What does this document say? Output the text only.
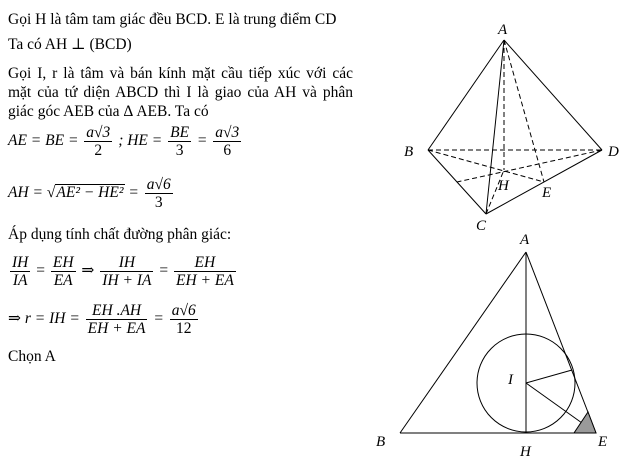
Gọi H là tâm tam giác đều BCD. E là trung điểm CD
Ta có AH ⊥ (BCD)
Gọi I, r là tâm và bán kính mặt cầu tiếp xúc với các mặt của tứ diện ABCD thì I là giao của AH và phân giác góc AEB của Δ AEB. Ta có
AE = BE = $\frac{a√3}{2}$ ; HE = $\frac{BE}{3} = \frac{a√3}{6}$
AH = $√AE^2 - HE^2 = \frac{a√6}{3}$
Áp dụng tính chất đường phân giác:
$\frac{IH}{IA} = \frac{EH}{EA}$ ⇒ $\frac{IH}{IH + IA} = \frac{EH}{EH + EA}$
⇒ r = IH = $\frac{EH .AH}{EH + EA} = \frac{a√6}{12}$
Chọn A
A
B	D
H E
C
A
I
B
H
E
